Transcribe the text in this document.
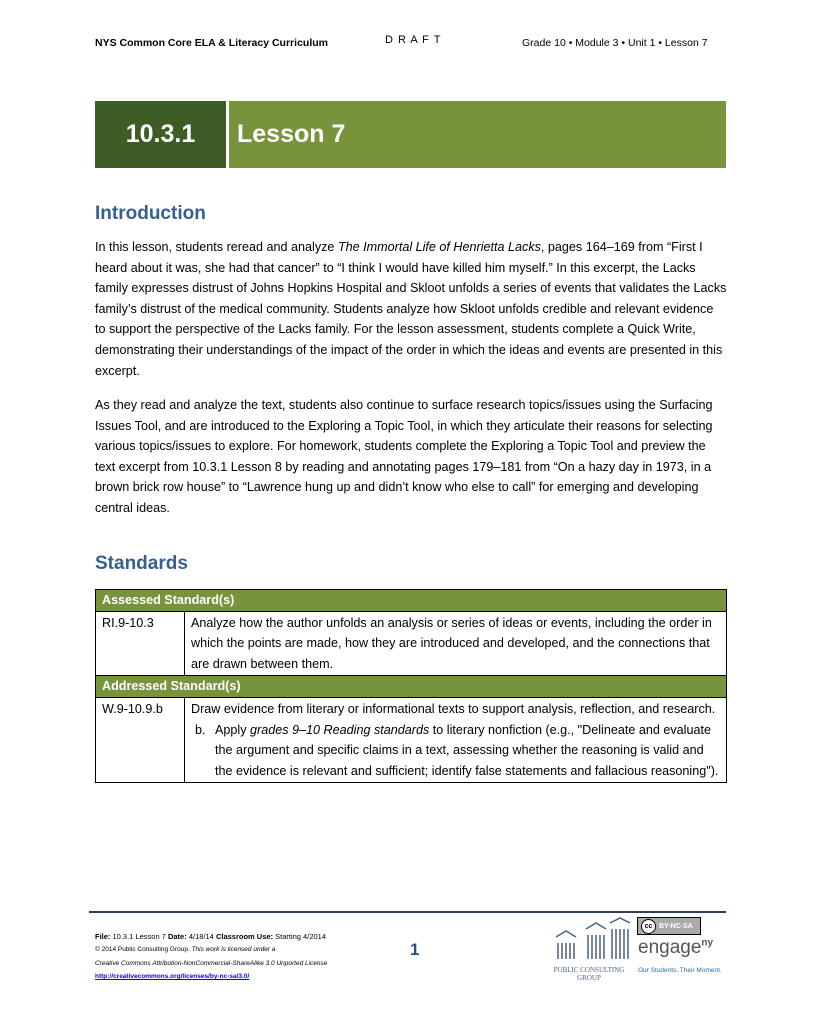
NYS Common Core ELA & Literacy Curriculum	D R A F T	Grade 10 • Module 3 • Unit 1 • Lesson 7
10.3.1	Lesson 7
Introduction

In this lesson, students reread and analyze The Immortal Life of Henrietta Lacks, pages 164–169 from “First I heard about it was, she had that cancer” to “I think I would have killed him myself.” In this excerpt, the Lacks family expresses distrust of Johns Hopkins Hospital and Skloot unfolds a series of events that validates the Lacks family’s distrust of the medical community. Students analyze how Skloot unfolds credible and relevant evidence to support the perspective of the Lacks family. For the lesson assessment, students complete a Quick Write, demonstrating their understandings of the impact of the order in which the ideas and events are presented in this excerpt.

As they read and analyze the text, students also continue to surface research topics/issues using the Surfacing Issues Tool, and are introduced to the Exploring a Topic Tool, in which they articulate their reasons for selecting various topics/issues to explore. For homework, students complete the Exploring a Topic Tool and preview the text excerpt from 10.3.1 Lesson 8 by reading and annotating pages 179–181 from “On a hazy day in 1973, in a brown brick row house” to “Lawrence hung up and didn’t know who else to call” for emerging and developing central ideas.

Standards
Assessed Standard(s)	
RI.9-10.3	Analyze how the author unfolds an analysis or series of ideas or events, including the order in which the points are made, how they are introduced and developed, and the connections that are drawn between them.
Addressed Standard(s)	
W.9-10.9.b	Draw evidence from literary or informational texts to support analysis, reflection, and research.

b. Apply grades 9–10 Reading standards to literary nonfiction (e.g., "Delineate and evaluate the argument and specific claims in a text, assessing whether the reasoning is valid and the evidence is relevant and sufficient; identify false statements and fallacious reasoning").

File: 10.3.1 Lesson 7 Date: 4/18/14 Classroom Use: Starting 4/2014
© 2014 Public Consulting Group. This work is licensed under a
Creative Commons Attribution-NonCommercial-ShareAlike 3.0 Unported License
http://creativecommons.org/licenses/by-nc-sa/3.0/
1
PUBLIC CONSULTING GROUP
cc BY-NC-SA
engage$^{ny}$
Our Students. Their Moment.
